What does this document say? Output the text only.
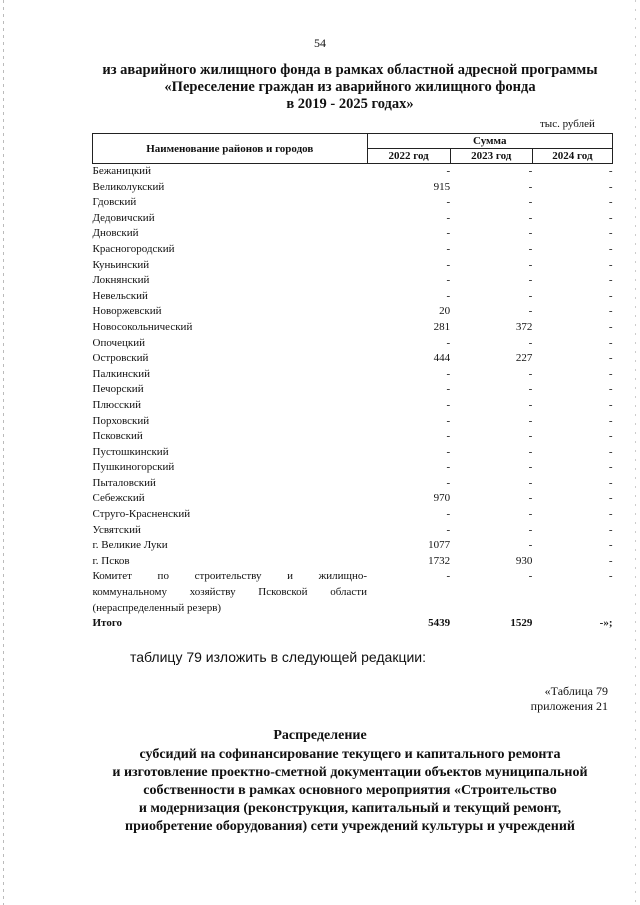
54
из аварийного жилищного фонда в рамках областной адресной программы
«Переселение граждан из аварийного жилищного фонда
в 2019 - 2025 годах»
тыс. рублей
Наименование районов и городов	Сумма		
	2022 год	2023 год	2024 год
Бежаницкий	-	-	-
Великолукский	915	-	-
Гдовский	-	-	-
Дедовичский	-	-	-
Дновский	-	-	-
Красногородский	-	-	-
Куньинский	-	-	-
Локнянский	-	-	-
Невельский	-	-	-
Новоржевский	20	-	-
Новосокольнический	281	372	-
Опочецкий	-	-	-
Островский	444	227	-
Палкинский	-	-	-
Печорский	-	-	-
Плюсский	-	-	-
Порховский	-	-	-
Псковский	-	-	-
Пустошкинский	-	-	-
Пушкиногорский	-	-	-
Пыталовский	-	-	-
Себежский	970	-	-
Струго-Красненский	-	-	-
Усвятский	-	-	-
г. Великие Луки	1077	-	-
г. Псков	1732	930	-

Комитет по строительству и жилищно-
коммунальному хозяйству Псковской области
(нераспределенный резерв)	-	-	-
Итого	5439	1529	-»;
таблицу 79 изложить в следующей редакции:
«Таблица 79
приложения 21
Распределение
субсидий на софинансирование текущего и капитального ремонта
и изготовление проектно-сметной документации объектов муниципальной
собственности в рамках основного мероприятия «Строительство
и модернизация (реконструкция, капитальный и текущий ремонт,
приобретение оборудования) сети учреждений культуры и учреждений
